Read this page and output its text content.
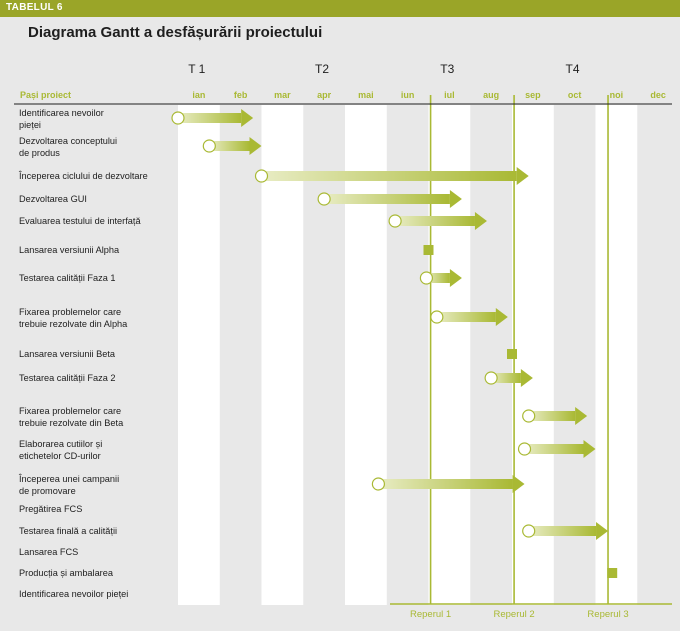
TABELUL 6
Diagrama Gantt a desfășurării proiectului
Reperul 1	Reperul 2	Reperul 3
T 1	T2	T3	T4
ian	feb	mar	apr	mai	iun	iul	aug	sep	oct	noi	dec
Pași proiect
Identificarea nevoilor
pieței
Dezvoltarea conceptului
de produs
Începerea ciclului de dezvoltare
Dezvoltarea GUI
Evaluarea testului de interfață
Lansarea versiunii Alpha
Testarea calității Faza 1
Fixarea problemelor care
trebuie rezolvate din Alpha
Lansarea versiunii Beta
Testarea calității Faza 2
Fixarea problemelor care
trebuie rezolvate din Beta
Elaborarea cutiilor și
etichetelor CD-urilor
Începerea unei campanii
de promovare
Pregătirea FCS
Testarea finală a calității
Lansarea FCS
Producția și ambalarea
Identificarea nevoilor pieței
